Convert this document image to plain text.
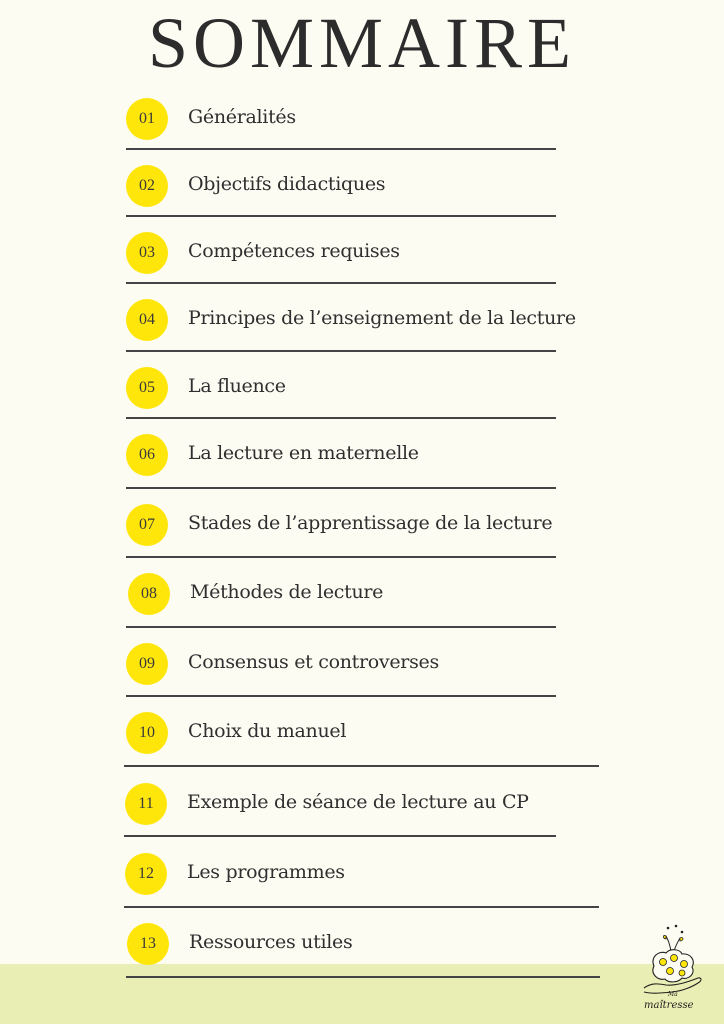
SOMMAIRE
01	Généralités
02	Objectifs didactiques
03	Compétences requises
04	Principes de l’enseignement de la lecture
05	La fluence
06	La lecture en maternelle
07	Stades de l’apprentissage de la lecture
08	Méthodes de lecture
09	Consensus et controverses
10	Choix du manuel
11	Exemple de séance de lecture au CP
12	Les programmes
13	Ressources utiles
Ma
maîtresse
